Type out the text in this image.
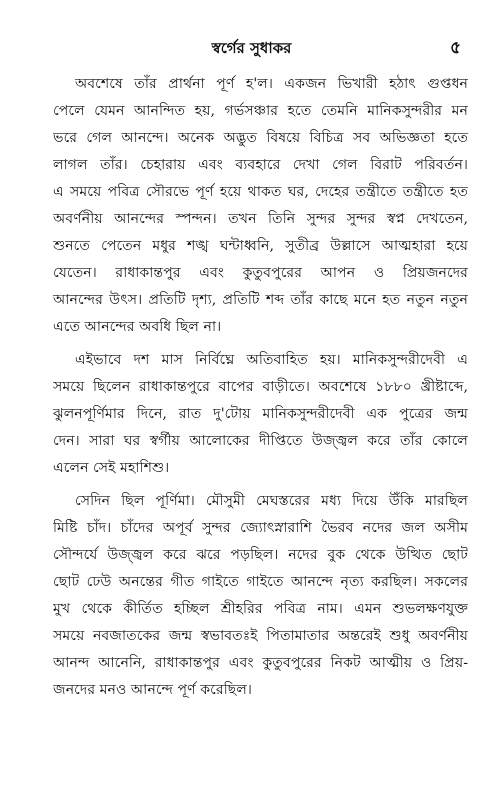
স্বর্গের সুধাকর	৫
অবশেষে তাঁর প্রার্থনা পূর্ণ হ'ল। একজন ভিখারী হঠাৎ গুপ্তধন
পেলে যেমন আনন্দিত হয়, গর্ভসঞ্চার হতে তেমনি মানিকসুন্দরীর মন
ভরে গেল আনন্দে। অনেক অদ্ভুত বিষয়ে বিচিত্র সব অভিজ্ঞতা হতে
লাগল তাঁর। চেহারায় এবং ব্যবহারে দেখা গেল বিরাট পরিবর্তন।
এ সময়ে পবিত্র সৌরভে পূর্ণ হয়ে থাকত ঘর, দেহের তন্ত্রীতে তন্ত্রীতে হত
অবর্ণনীয় আনন্দের স্পন্দন। তখন তিনি সুন্দর সুন্দর স্বপ্ন দেখতেন,
শুনতে পেতেন মধুর শঙ্খ ঘন্টাধ্বনি, সুতীব্র উল্লাসে আত্মহারা হয়ে
যেতেন। রাধাকান্তপুর এবং কুতুবপুরের আপন ও প্রিয়জনদের
আনন্দের উৎস। প্রতিটি দৃশ্য, প্রতিটি শব্দ তাঁর কাছে মনে হত নতুন নতুন
এতে আনন্দের অবধি ছিল না।
এইভাবে দশ মাস নির্বিঘ্নে অতিবাহিত হয়। মানিকসুন্দরীদেবী এ
সময়ে ছিলেন রাধাকান্তপুরে বাপের বাড়ীতে। অবশেষে ১৮৮০ খ্রীষ্টাব্দে,
ঝুলনপূর্ণিমার দিনে, রাত দু'টোয় মানিকসুন্দরীদেবী এক পুত্রের জন্ম
দেন। সারা ঘর স্বর্গীয় আলোকের দীপ্তিতে উজ্জ্বল করে তাঁর কোলে
এলেন সেই মহাশিশু।
সেদিন ছিল পূর্ণিমা। মৌসুমী মেঘস্তরের মধ্য দিয়ে উঁকি মারছিল
মিষ্টি চাঁদ। চাঁদের অপূর্ব সুন্দর জ্যোৎস্নারাশি ভৈরব নদের জল অসীম
সৌন্দর্যে উজ্জ্বল করে ঝরে পড়ছিল। নদের বুক থেকে উত্থিত ছোট
ছোট ঢেউ অনন্তের গীত গাইতে গাইতে আনন্দে নৃত্য করছিল। সকলের
মুখ থেকে কীর্তিত হচ্ছিল শ্রীহরির পবিত্র নাম। এমন শুভলক্ষণযুক্ত
সময়ে নবজাতকের জন্ম স্বভাবতঃই পিতামাতার অন্তরেই শুধু অবর্ণনীয়
আনন্দ আনেনি, রাধাকান্তপুর এবং কুতুবপুরের নিকট আত্মীয় ও প্রিয়-
জনদের মনও আনন্দে পূর্ণ করেছিল।
